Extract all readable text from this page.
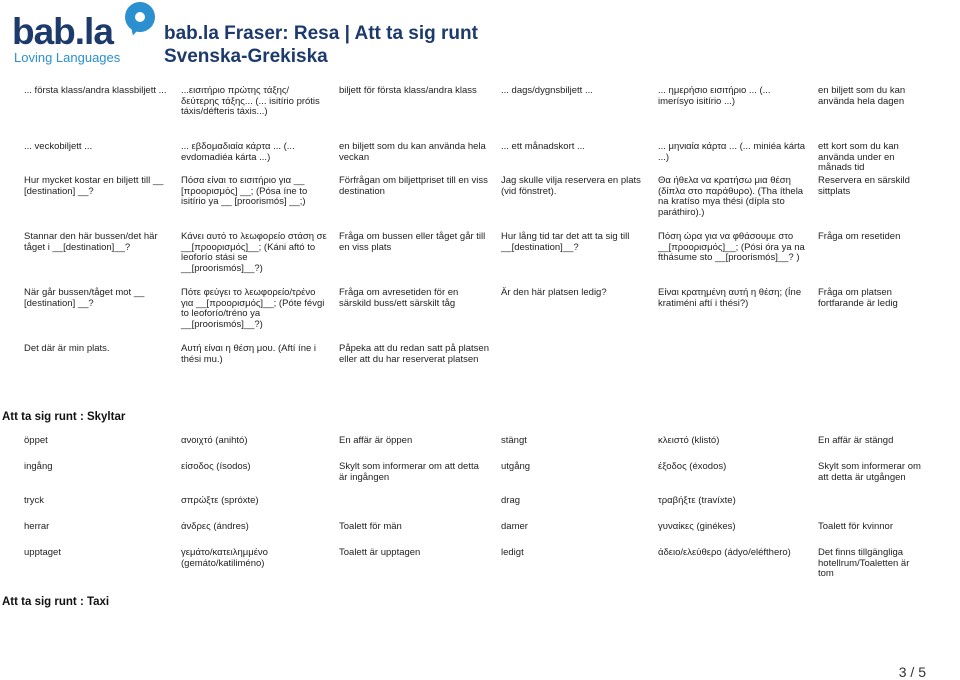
bab.la
Loving Languages
bab.la Fraser: Resa | Att ta sig runt
Svenska-Grekiska
... första klass/andra klassbiljett ...	...εισιτήριο πρώτης τάξης/δεύτερης τάξης... (... isitírio prótis táxis/défteris táxis...)	biljett för första klass/andra klass	... dags/dygnsbiljett ...	... ημερήσιο εισιτήριο ... (... imerísyo isitírio ...)	en biljett som du kan använda hela dagen
... veckobiljett ...	... εβδομαδιαία κάρτα ... (... evdomadiéa kárta ...)	en biljett som du kan använda hela veckan	... ett månadskort ...	... μηνιαία κάρτα ... (... miniéa kárta ...)	ett kort som du kan använda under en månads tid
Hur mycket kostar en biljett till __ [destination] __?	Πόσα είναι το εισιτήριο για __ [προορισμός] __; (Pósa íne to isitírio ya __ [proorismós] __;)	Förfrågan om biljettpriset till en viss destination	Jag skulle vilja reservera en plats (vid fönstret).	Θα ήθελα να κρατήσω μια θέση (δίπλα στο παράθυρο). (Tha íthela na kratíso mya thési (dípla sto paráthiro).)	Reservera en särskild sittplats
Stannar den här bussen/det här tåget i __[destination]__?	Κάνει αυτό το λεωφορείο στάση σε __[προορισμός]__; (Káni aftó to leoforío stási se __[proorismós]__?)	Fråga om bussen eller tåget går till en viss plats	Hur lång tid tar det att ta sig till __[destination]__?	Πόση ώρα για να φθάσουμε στο __[προορισμός]__; (Pósi óra ya na fthásume sto __[proorismós]__? )	Fråga om resetiden
När går bussen/tåget mot __ [destination] __?	Πότε φεύγει το λεωφορείο/τρένο για __[προορισμός]__; (Póte févgi to leoforío/tréno ya __[proorismós]__?)	Fråga om avresetiden för en särskild buss/ett särskilt tåg	Är den här platsen ledig?	Είναι κρατημένη αυτή η θέση; (Íne kratiméni aftí i thési?)	Fråga om platsen fortfarande är ledig
Det där är min plats.	Αυτή είναι η θέση μου. (Aftí íne i thési mu.)	Påpeka att du redan satt på platsen eller att du har reserverat platsen			
Att ta sig runt : Skyltar
öppet	ανοιχτό (anihtó)	En affär är öppen	stängt	κλειστό (klistó)	En affär är stängd
ingång	είσοδος (ísodos)	Skylt som informerar om att detta är ingången	utgång	έξοδος (éxodos)	Skylt som informerar om att detta är utgången
tryck	σπρώξτε (spróxte)		drag	τραβήξτε (travíxte)	
herrar	άνδρες (ándres)	Toalett för män	damer	γυναίκες (ginékes)	Toalett för kvinnor
upptaget	γεμάτο/κατειλημμένο (gemáto/katiliméno)	Toalett är upptagen	ledigt	άδειο/ελεύθερο (ádyo/eléfthero)	Det finns tillgängliga hotellrum/Toaletten är tom
Att ta sig runt : Taxi
3 / 5
